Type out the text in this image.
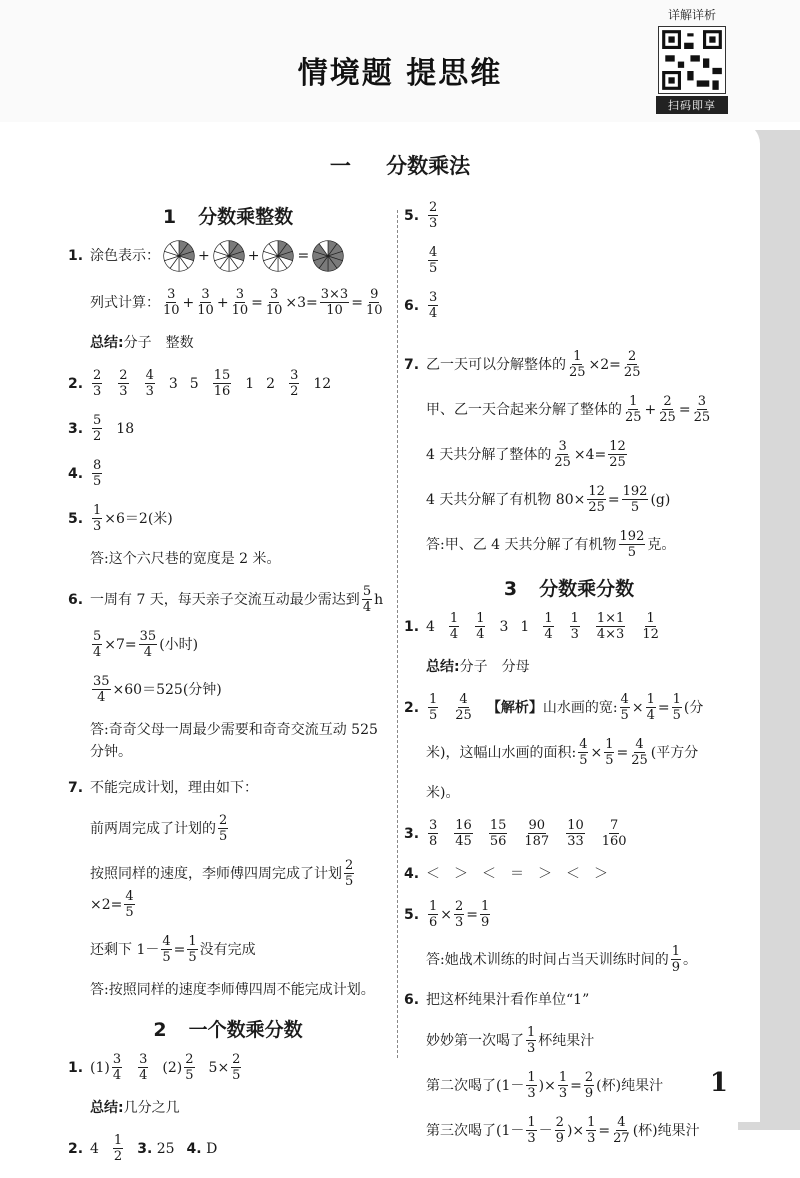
情境题 提思维
详解详析
扫码即享
一 分数乘法
1 分数乘整数
1. 涂色表示：	+	+	=
列式计算： 3
10 + 3
10 + 3
10 = 3
10 ×3= 3×3
10 = 9
10
总结: 分子　整数
2. 2
3
2
3
4
3 3 5 15
16 1 2 3
2 12
3. 5
2 18
4. 8
5
5. $\frac{1}{3} \times 6=2$(米)
答:这个六尺巷的宽度是 2 米。
6. 一周有 7 天，每天亲子交流互动最少需达到 5
4 h
5
4 ×7= 35
4 (小时)
$\frac{35}{4} \times 60=525$(分钟)
答:奇奇父母一周最少需要和奇奇交流互动 525 分钟。
7. 不能完成计划，理由如下：
前两周完成了计划的 2
5
按照同样的速度，李师傅四周完成了计划 2
5
×2= 4
5
还剩下 1－ 4
5 = 1
5 没有完成
答:按照同样的速度李师傅四周不能完成计划。
2 一个数乘分数
1. (1) 3
4
3
4 (2) 2
5 $5\times \frac{2}{5}$
总结: 几分之几
2. 4 1
2 3.
25 4.
D
5. 2
3
4
5
6. 3
4
7. 乙一天可以分解整体的 1
25 ×2= 2
25
甲、乙一天合起来分解了整体的 1
25 + 2
25 = 3
25
4 天共分解了整体的 3
25 ×4= 12
25
4 天共分解了有机物 $80\times \frac{12}{25} = 192$
5 (g)
答:甲、乙 4 天共分解了有机物 192
5 克。
3 分数乘分数
1. 4 1
4
1
4 3 1 1
4
1
3
1×1
4×3
1
12
总结: 分子　分母
2. 1
5
4
25 【解析】 山水画的宽: 4
5 × 1
4 = 1
5 (分
米)，这幅山水画的面积: 4
5 × 1
5 = 4
25 (平方分
米)。
3. 3
8
16
45
15
56
90
187
10
33
7
160
4. ＜　＞　＜　＝　＞　＜　＞
5. 1
6 × 2
3 = 1
9
答:她战术训练的时间占当天训练时间的 1
9 。
6. 把这杯纯果汁看作单位“1”
妙妙第一次喝了 1
3 杯纯果汁
第二次喝了(1－ 1
3 )× 1
3 = 2
9 (杯)纯果汁
第三次喝了(1－ 1
3 － 2
9 )× 1
3 = 4
27 (杯)纯果汁
1
